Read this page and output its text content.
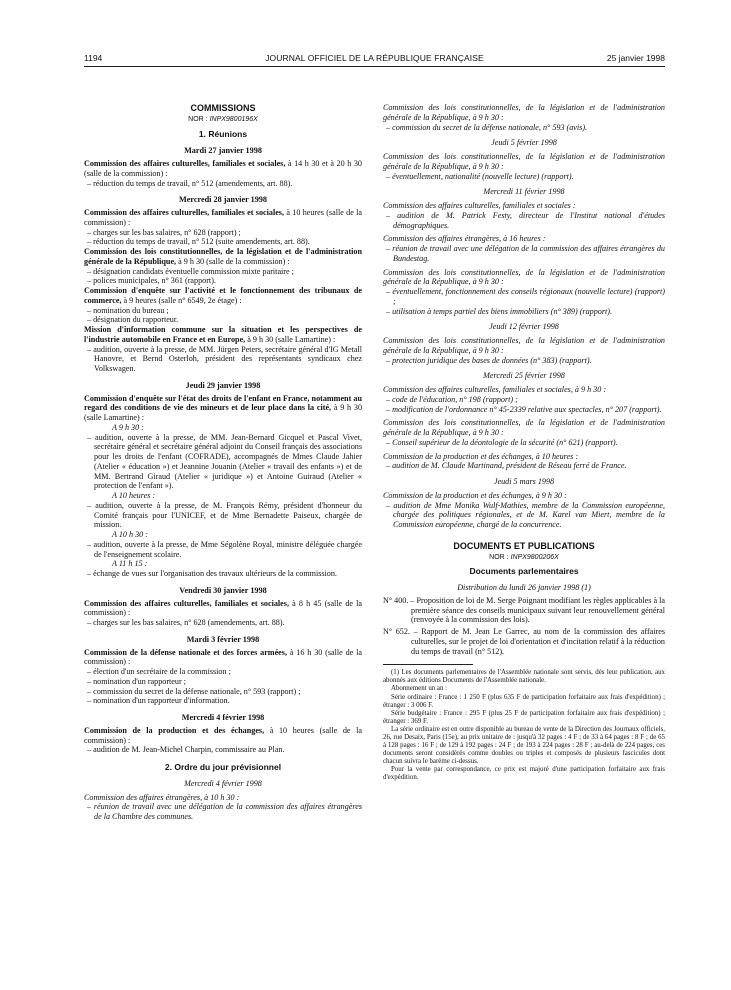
1194	JOURNAL OFFICIEL DE LA RÉPUBLIQUE FRANÇAISE	25 janvier 1998
COMMISSIONS
NOR : INPX9800196X
1. Réunions
Mardi 27 janvier 1998
Commission des affaires culturelles, familiales et sociales, à 14 h 30 et à 20 h 30 (salle de la commission) :
– réduction du temps de travail, n° 512 (amendements, art. 88).
Mercredi 28 janvier 1998
Commission des affaires culturelles, familiales et sociales, à 10 heures (salle de la commission) :
– charges sur les bas salaires, n° 628 (rapport) ;
– réduction du temps de travail, n° 512 (suite amendements, art. 88).
Commission des lois constitutionnelles, de la législation et de l'administration générale de la République, à 9 h 30 (salle de la commission) :
– désignation candidats éventuelle commission mixte paritaire ;
– polices municipales, n° 361 (rapport).
Commission d'enquête sur l'activité et le fonctionnement des tribunaux de commerce, à 9 heures (salle n° 6549, 2e étage) :
– nomination du bureau ;
– désignation du rapporteur.
Mission d'information commune sur la situation et les perspectives de l'industrie automobile en France et en Europe, à 9 h 30 (salle Lamartine) :
– audition, ouverte à la presse, de MM. Jürgen Peters, secrétaire général d'IG Metall Hanovre, et Bernd Osterloh, président des représentants syndicaux chez Volkswagen.
Jeudi 29 janvier 1998
Commission d'enquête sur l'état des droits de l'enfant en France, notamment au regard des conditions de vie des mineurs et de leur place dans la cité, à 9 h 30 (salle Lamartine) :
A 9 h 30 :
– audition, ouverte à la presse, de MM. Jean-Bernard Gicquel et Pascal Vivet, secrétaire général et secrétaire général adjoint du Conseil français des associations pour les droits de l'enfant (COFRADE), accompagnés de Mmes Claude Jahier (Atelier « éducation ») et Jeannine Jouanin (Atelier « travail des enfants ») et de MM. Bertrand Giraud (Atelier « juridique ») et Antoine Guiraud (Atelier « protection de l'enfant »).
A 10 heures :
– audition, ouverte à la presse, de M. François Rémy, président d'honneur du Comité français pour l'UNICEF, et de Mme Bernadette Paiseux, chargée de mission.
A 10 h 30 :
– audition, ouverte à la presse, de Mme Ségolène Royal, ministre déléguée chargée de l'enseignement scolaire.
A 11 h 15 :
– échange de vues sur l'organisation des travaux ultérieurs de la commission.
Vendredi 30 janvier 1998
Commission des affaires culturelles, familiales et sociales, à 8 h 45 (salle de la commission) :
– charges sur les bas salaires, n° 628 (amendements, art. 88).
Mardi 3 février 1998
Commission de la défense nationale et des forces armées, à 16 h 30 (salle de la commission) :
– élection d'un secrétaire de la commission ;
– nomination d'un rapporteur ;
– commission du secret de la défense nationale, n° 593 (rapport) ;
– nomination d'un rapporteur d'information.
Mercredi 4 février 1998
Commission de la production et des échanges, à 10 heures (salle de la commission) :
– audition de M. Jean-Michel Charpin, commissaire au Plan.
2. Ordre du jour prévisionnel
Mercredi 4 février 1998
Commission des affaires étrangères, à 10 h 30 :
– réunion de travail avec une délégation de la commission des affaires étrangères de la Chambre des communes.
Commission des lois constitutionnelles, de la législation et de l'administration générale de la République, à 9 h 30 :
– commission du secret de la défense nationale, n° 593 (avis).
Jeudi 5 février 1998
Commission des lois constitutionnelles, de la législation et de l'administration générale de la République, à 9 h 30 :
– éventuellement, nationalité (nouvelle lecture) (rapport).
Mercredi 11 février 1998
Commission des affaires culturelles, familiales et sociales :
– audition de M. Patrick Festy, directeur de l'Institut national d'études démographiques.
Commission des affaires étrangères, à 16 heures :
– réunion de travail avec une délégation de la commission des affaires étrangères du Bundestag.
Commission des lois constitutionnelles, de la législation et de l'administration générale de la République, à 9 h 30 :
– éventuellement, fonctionnement des conseils régionaux (nouvelle lecture) (rapport) ;
– utilisation à temps partiel des biens immobiliers (n° 389) (rapport).
Jeudi 12 février 1998
Commission des lois constitutionnelles, de la législation et de l'administration générale de la République, à 9 h 30 :
– protection juridique des bases de données (n° 383) (rapport).
Mercredi 25 février 1998
Commission des affaires culturelles, familiales et sociales, à 9 h 30 :
– code de l'éducation, n° 198 (rapport) ;
– modification de l'ordonnance n° 45-2339 relative aux spectacles, n° 207 (rapport).
Commission des lois constitutionnelles, de la législation et de l'administration générale de la République, à 9 h 30 :
– Conseil supérieur de la déontologie de la sécurité (n° 621) (rapport).
Commission de la production et des échanges, à 10 heures :
– audition de M. Claude Martinand, président de Réseau ferré de France.
Jeudi 5 mars 1998
Commission de la production et des échanges, à 9 h 30 :
– audition de Mme Monika Wulf-Mathies, membre de la Commission européenne, chargée des politiques régionales, et de M. Karel van Miert, membre de la Commission européenne, chargé de la concurrence.
DOCUMENTS ET PUBLICATIONS
NOR : INPX9800206X
Documents parlementaires
Distribution du lundi 26 janvier 1998 (1)
N° 400. – Proposition de loi de M. Serge Poignant modifiant les règles applicables à la première séance des conseils municipaux suivant leur renouvellement général (renvoyée à la commission des lois).
N° 652. – Rapport de M. Jean Le Garrec, au nom de la commission des affaires culturelles, sur le projet de loi d'orientation et d'incitation relatif à la réduction du temps de travail (n° 512).

(1) Les documents parlementaires de l'Assemblée nationale sont servis, dès leur publication, aux abonnés aux éditions Documents de l'Assemblée nationale.

Abonnement un an :

Série ordinaire : France : 1 250 F (plus 635 F de participation forfaitaire aux frais d'expédition) ; étranger : 3 006 F.

Série budgétaire : France : 295 F (plus 25 F de participation forfaitaire aux frais d'expédition) ; étranger : 369 F.

La série ordinaire est en outre disponible au bureau de vente de la Direction des Journaux officiels, 26, rue Desaix, Paris (15e), au prix unitaire de : jusqu'à 32 pages : 4 F ; de 33 à 64 pages : 8 F ; de 65 à 128 pages : 16 F ; de 129 à 192 pages : 24 F ; de 193 à 224 pages : 28 F ; au-delà de 224 pages, ces documents seront considérés comme doubles ou triples et composés de plusieurs fascicules dont chacun suivra le barème ci-dessus.

Pour la vente par correspondance, ce prix est majoré d'une participation forfaitaire aux frais d'expédition.
